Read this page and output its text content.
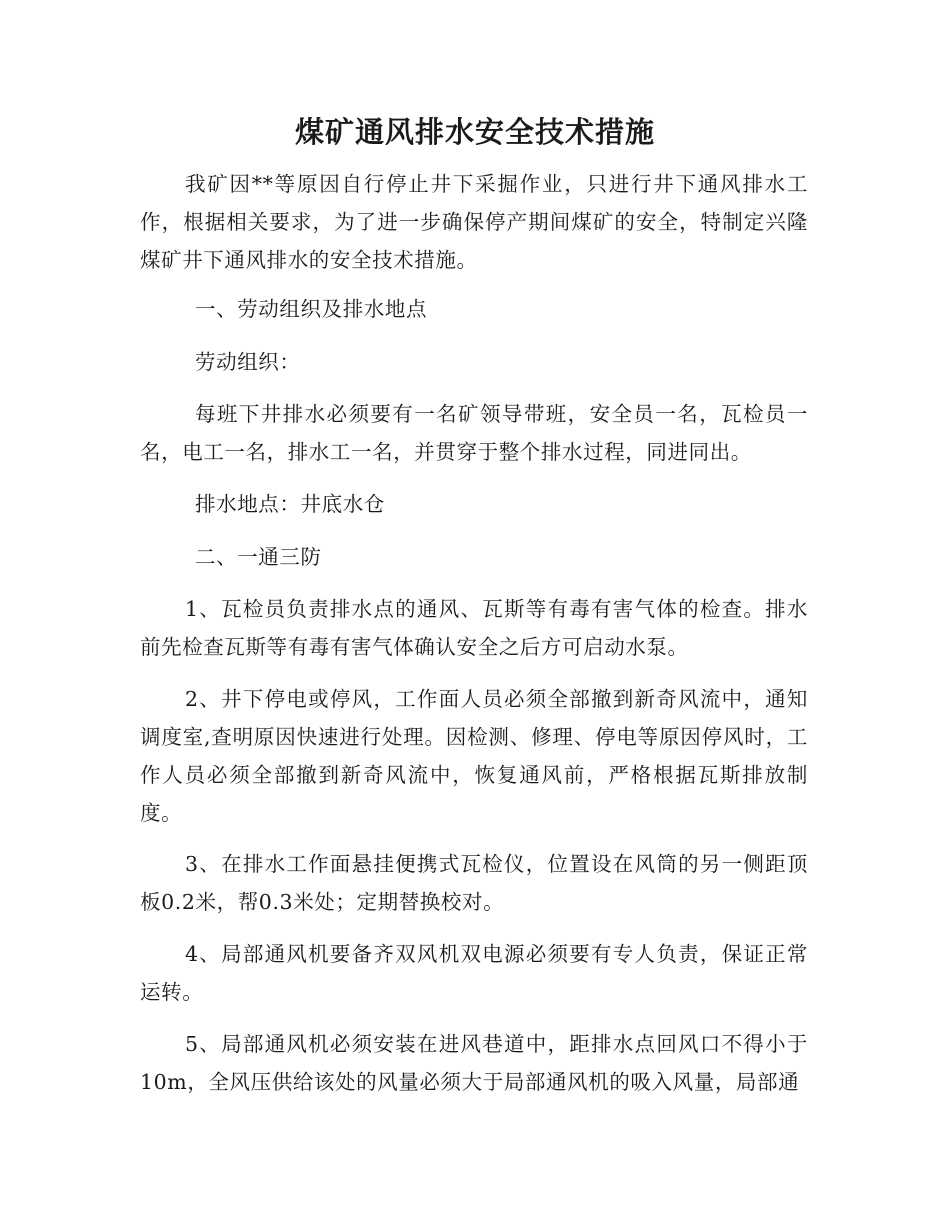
煤矿通风排水安全技术措施

我矿因**等原因自行停止井下采掘作业，只进行井下通风排水工作，根据相关要求，为了进一步确保停产期间煤矿的安全，特制定兴隆煤矿井下通风排水的安全技术措施。

一、劳动组织及排水地点

劳动组织：

每班下井排水必须要有一名矿领导带班，安全员一名，瓦检员一名，电工一名，排水工一名，并贯穿于整个排水过程，同进同出。

排水地点：井底水仓

二、一通三防

1、瓦检员负责排水点的通风、瓦斯等有毒有害气体的检查。排水前先检查瓦斯等有毒有害气体确认安全之后方可启动水泵。

2、井下停电或停风，工作面人员必须全部撤到新奇风流中，通知调度室,查明原因快速进行处理。因检测、修理、停电等原因停风时，工作人员必须全部撤到新奇风流中，恢复通风前，严格根据瓦斯排放制度。

3、在排水工作面悬挂便携式瓦检仪，位置设在风筒的另一侧距顶板0.2米，帮0.3米处；定期替换校对。

4、局部通风机要备齐双风机双电源必须要有专人负责，保证正常运转。

5、局部通风机必须安装在进风巷道中，距排水点回风口不得小于10m，全风压供给该处的风量必须大于局部通风机的吸入风量，局部通
